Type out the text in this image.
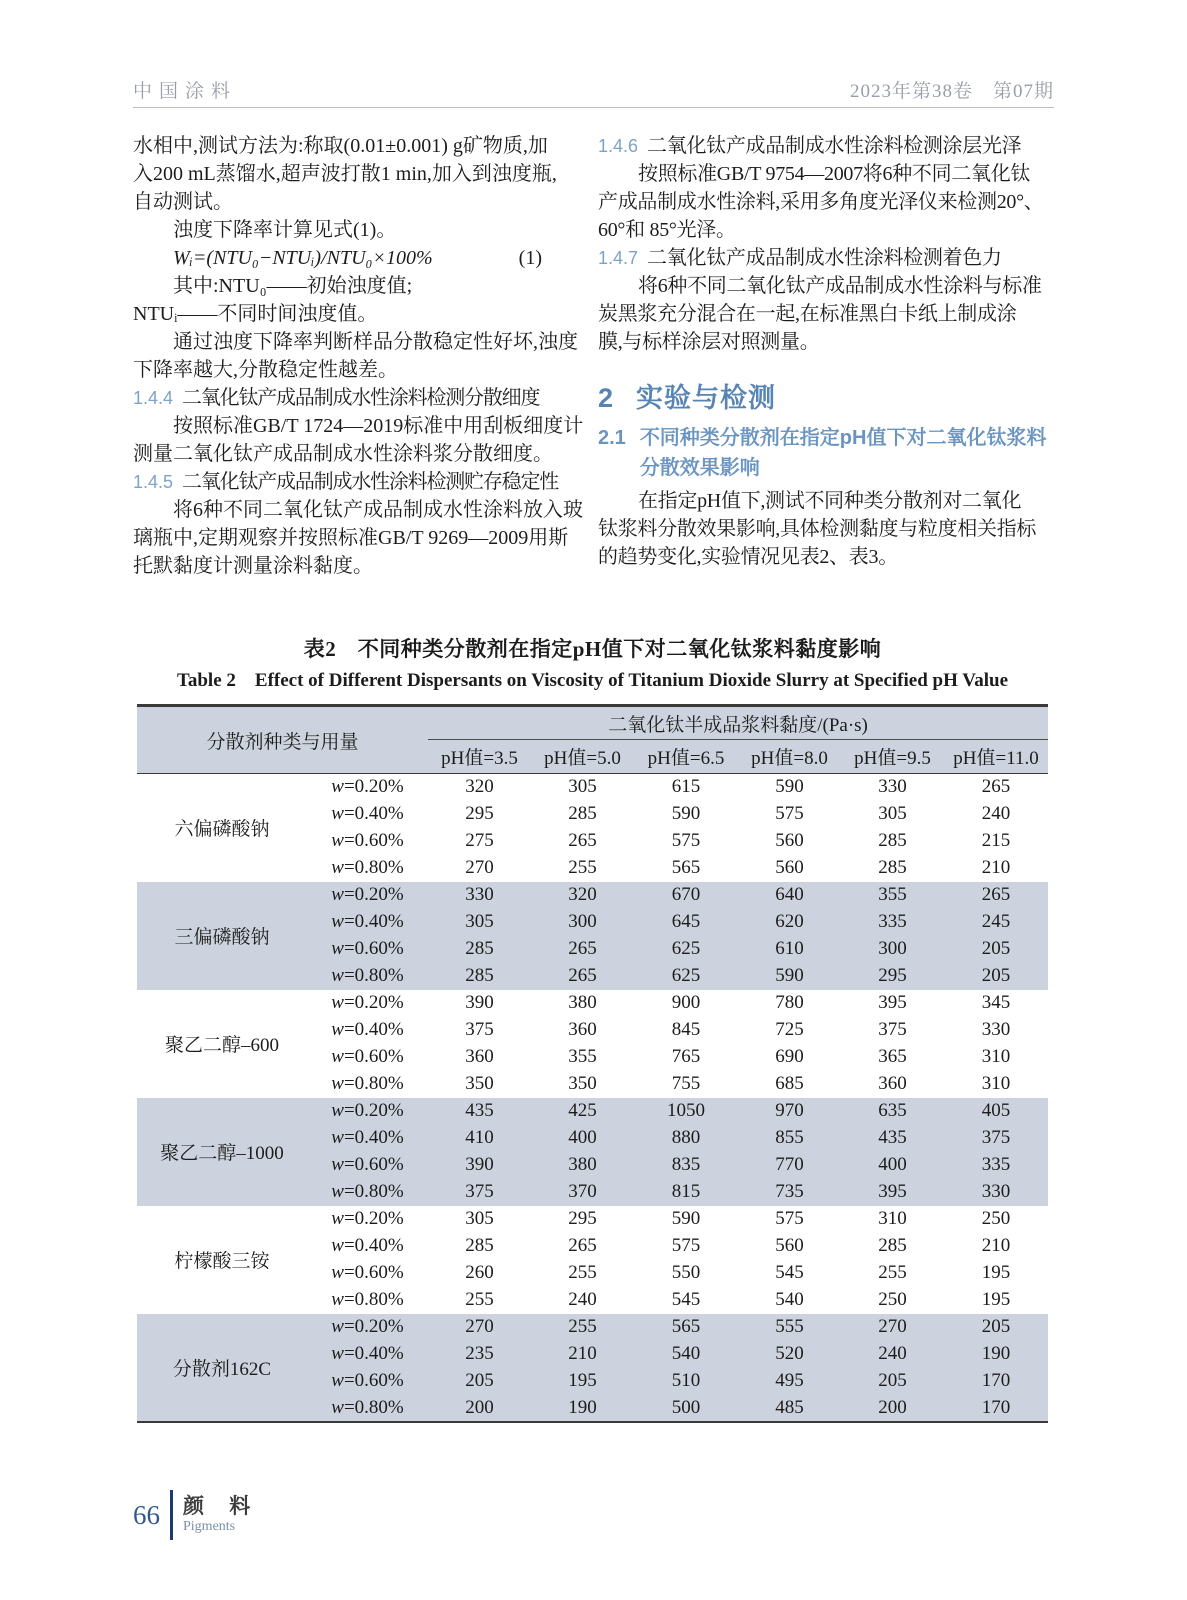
中国涂料	2023年第38卷　第07期
水相中,测试方法为:称取(0.01±0.001) g矿物质,加
入200 mL蒸馏水,超声波打散1 min,加入到浊度瓶,
自动测试。
浊度下降率计算见式(1)。
Wᵢ=(NTU₀−NTUᵢ)/NTU₀×100%	(1)
其中:NTU₀——初始浊度值;
NTUᵢ——不同时间浊度值。
通过浊度下降率判断样品分散稳定性好坏,浊度
下降率越大,分散稳定性越差。
1.4.4 二氧化钛产成品制成水性涂料检测分散细度
按照标准GB/T 1724—2019标准中用刮板细度计
测量二氧化钛产成品制成水性涂料浆分散细度。
1.4.5 二氧化钛产成品制成水性涂料检测贮存稳定性
将6种不同二氧化钛产成品制成水性涂料放入玻
璃瓶中,定期观察并按照标准GB/T 9269—2009用斯
托默黏度计测量涂料黏度。
1.4.6 二氧化钛产成品制成水性涂料检测涂层光泽
按照标准GB/T 9754—2007将6种不同二氧化钛
产成品制成水性涂料,采用多角度光泽仪来检测20°、
60°和 85°光泽。
1.4.7 二氧化钛产成品制成水性涂料检测着色力
将6种不同二氧化钛产成品制成水性涂料与标准
炭黑浆充分混合在一起,在标准黑白卡纸上制成涂
膜,与标样涂层对照测量。
2 实验与检测
2.1 不同种类分散剂在指定pH值下对二氧化钛浆料
分散效果影响
在指定pH值下,测试不同种类分散剂对二氧化
钛浆料分散效果影响,具体检测黏度与粒度相关指标
的趋势变化,实验情况见表2、表3。
表2　不同种类分散剂在指定pH值下对二氧化钛浆料黏度影响
Table 2　Effect of Different Dispersants on Viscosity of Titanium Dioxide Slurry at Specified pH Value
分散剂种类与用量		二氧化钛半成品浆料黏度/(Pa·s)					
		pH值=3.5	pH值=5.0	pH值=6.5	pH值=8.0	pH值=9.5	pH值=11.0
六偏磷酸钠	w=0.20%	320	305	615	590	330	265
	w=0.40%	295	285	590	575	305	240
	w=0.60%	275	265	575	560	285	215
	w=0.80%	270	255	565	560	285	210
三偏磷酸钠	w=0.20%	330	320	670	640	355	265
	w=0.40%	305	300	645	620	335	245
	w=0.60%	285	265	625	610	300	205
	w=0.80%	285	265	625	590	295	205
聚乙二醇–600	w=0.20%	390	380	900	780	395	345
	w=0.40%	375	360	845	725	375	330
	w=0.60%	360	355	765	690	365	310
	w=0.80%	350	350	755	685	360	310
聚乙二醇–1000	w=0.20%	435	425	1050	970	635	405
	w=0.40%	410	400	880	855	435	375
	w=0.60%	390	380	835	770	400	335
	w=0.80%	375	370	815	735	395	330
柠檬酸三铵	w=0.20%	305	295	590	575	310	250
	w=0.40%	285	265	575	560	285	210
	w=0.60%	260	255	550	545	255	195
	w=0.80%	255	240	545	540	250	195
分散剂162C	w=0.20%	270	255	565	555	270	205
	w=0.40%	235	210	540	520	240	190
	w=0.60%	205	195	510	495	205	170
	w=0.80%	200	190	500	485	200	170
66 颜 料
Pigments
